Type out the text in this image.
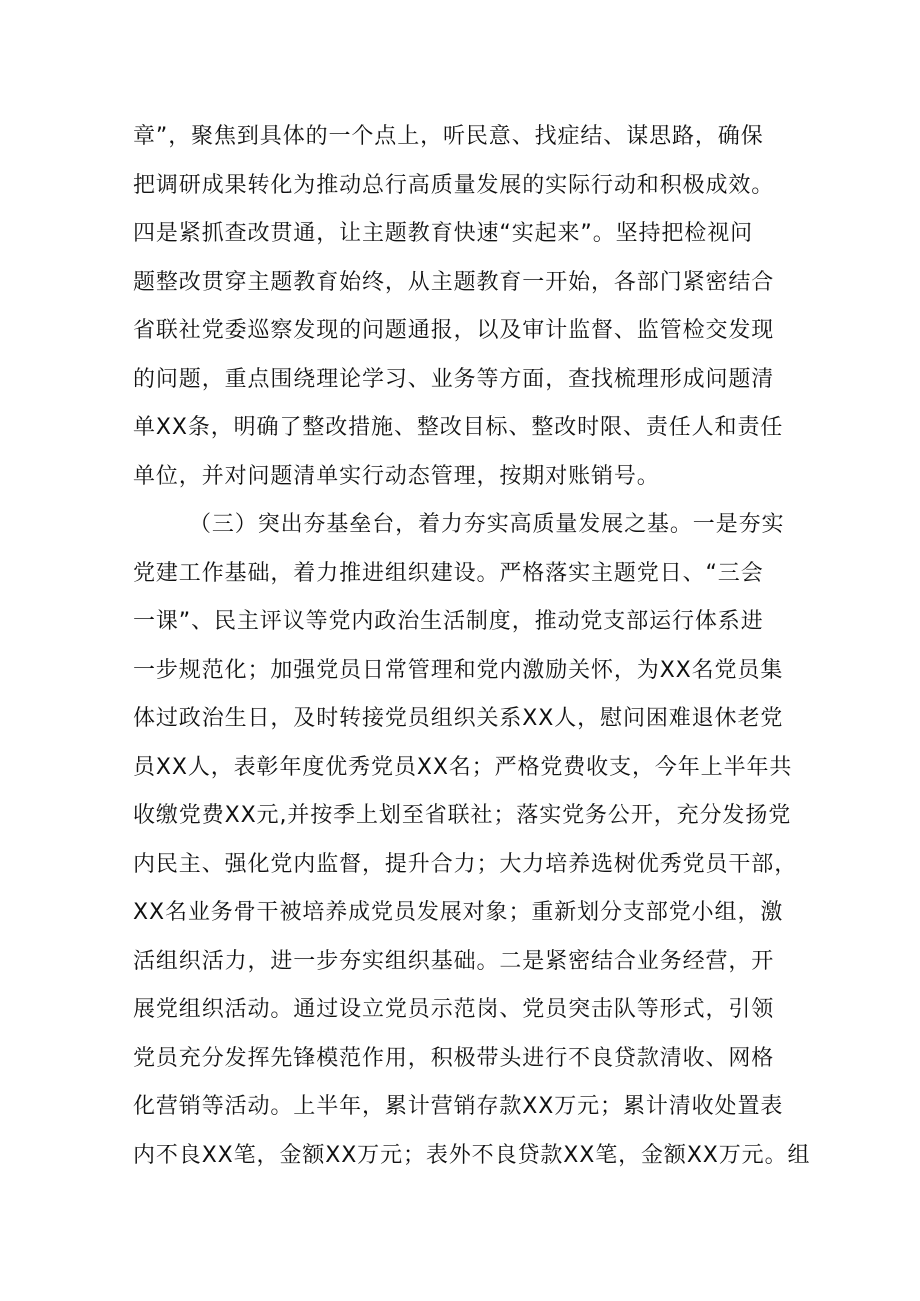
章”，聚焦到具体的一个点上，听民意、找症结、谋思路，确保
把调研成果转化为推动总行高质量发展的实际行动和积极成效。
四是紧抓查改贯通，让主题教育快速“实起来”。坚持把检视问
题整改贯穿主题教育始终，从主题教育一开始，各部门紧密结合
省联社党委巡察发现的问题通报，以及审计监督、监管检交发现
的问题，重点围绕理论学习、业务等方面，查找梳理形成问题清
单XX条，明确了整改措施、整改目标、整改时限、责任人和责任
单位，并对问题清单实行动态管理，按期对账销号。
（三）突出夯基垒台，着力夯实高质量发展之基。一是夯实
党建工作基础，着力推进组织建设。严格落实主题党日、“三会
一课”、民主评议等党内政治生活制度，推动党支部运行体系进
一步规范化；加强党员日常管理和党内激励关怀，为XX名党员集
体过政治生日，及时转接党员组织关系XX人，慰问困难退休老党
员XX人，表彰年度优秀党员XX名；严格党费收支，今年上半年共
收缴党费XX元,并按季上划至省联社；落实党务公开，充分发扬党
内民主、强化党内监督，提升合力；大力培养选树优秀党员干部，
XX名业务骨干被培养成党员发展对象；重新划分支部党小组，激
活组织活力，进一步夯实组织基础。二是紧密结合业务经营，开
展党组织活动。通过设立党员示范岗、党员突击队等形式，引领
党员充分发挥先锋模范作用，积极带头进行不良贷款清收、网格
化营销等活动。上半年，累计营销存款XX万元；累计清收处置表
内不良XX笔，金额XX万元；表外不良贷款XX笔，金额XX万元。组
